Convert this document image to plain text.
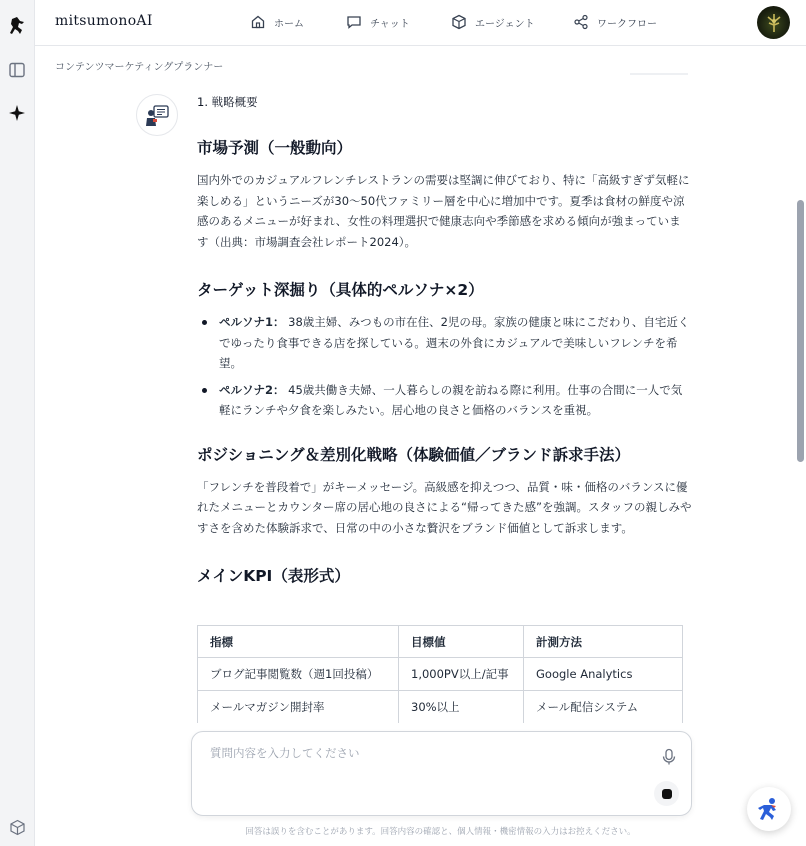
mitsumonoAI	ホーム	チャット	エージェント	ワークフロー
コンテンツマーケティングプランナー
1. 戦略概要
市場予測（一般動向）

国内外でのカジュアルフレンチレストランの需要は堅調に伸びており、特に「高級すぎず気軽に楽しめる」というニーズが30～50代ファミリー層を中心に増加中です。夏季は食材の鮮度や涼感のあるメニューが好まれ、女性の料理選択で健康志向や季節感を求める傾向が強まっています（出典：市場調査会社レポート2024）。

ターゲット深掘り（具体的ペルソナ×2）
ペルソナ1： 38歳主婦、みつもの市在住、2児の母。家族の健康と味にこだわり、自宅近くでゆったり食事できる店を探している。週末の外食にカジュアルで美味しいフレンチを希望。
ペルソナ2： 45歳共働き夫婦、一人暮らしの親を訪ねる際に利用。仕事の合間に一人で気軽にランチや夕食を楽しみたい。居心地の良さと価格のバランスを重視。
ポジショニング＆差別化戦略（体験価値／ブランド訴求手法）

「フレンチを普段着で」がキーメッセージ。高級感を抑えつつ、品質・味・価格のバランスに優れたメニューとカウンター席の居心地の良さによる“帰ってきた感”を強調。スタッフの親しみやすさを含めた体験訴求で、日常の中の小さな贅沢をブランド価値として訴求します。

メインKPI（表形式）
指標	目標値	計測方法
ブログ記事閲覧数（週1回投稿）	1,000PV以上/記事	Google Analytics
メールマガジン開封率	30%以上	メール配信システム
質問内容を入力してください
回答は誤りを含むことがあります。回答内容の確認と、個人情報・機密情報の入力はお控えください。
